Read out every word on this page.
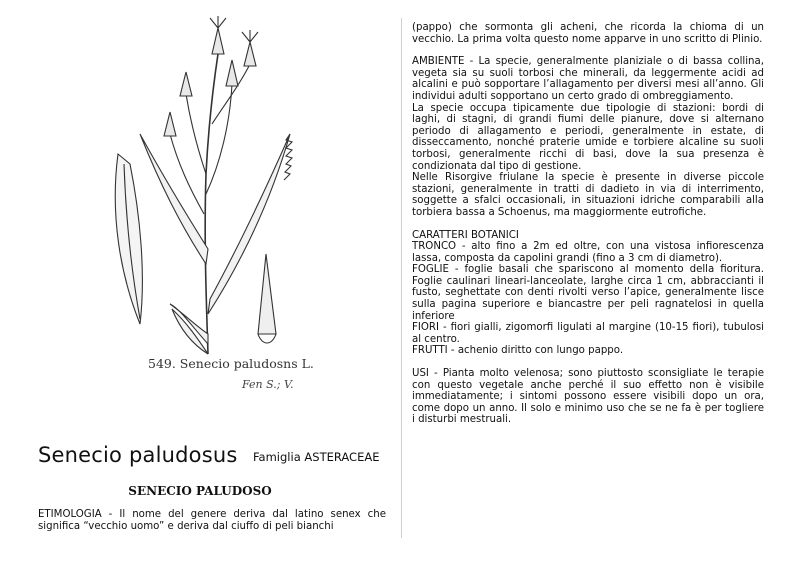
549. Senecio paludosns L.
Fen S.; V.
Senecio paludosus Famiglia ASTERACEAE
SENECIO PALUDOSO
ETIMOLOGIA - Il nome del genere deriva dal latino senex che significa “vecchio uomo” e deriva dal ciuffo di peli bianchi

(pappo) che sormonta gli acheni, che ricorda la chioma di un vecchio. La prima volta questo nome apparve in uno scritto di Plinio.

AMBIENTE - La specie, generalmente planiziale o di bassa collina, vegeta sia su suoli torbosi che minerali, da leggermente acidi ad alcalini e può sopportare l’allagamento per diversi mesi all’anno. Gli individui adulti sopportano un certo grado di ombreggiamento.

La specie occupa tipicamente due tipologie di stazioni: bordi di laghi, di stagni, di grandi fiumi delle pianure, dove si alternano periodo di allagamento e periodi, generalmente in estate, di disseccamento, nonché praterie umide e torbiere alcaline su suoli torbosi, generalmente ricchi di basi, dove la sua presenza è condizionata dal tipo di gestione.

Nelle Risorgive friulane la specie è presente in diverse piccole stazioni, generalmente in tratti di dadieto in via di interrimento, soggette a sfalci occasionali, in situazioni idriche comparabili alla torbiera bassa a Schoenus, ma maggiormente eutrofiche.

CARATTERI BOTANICI

TRONCO - alto fino a 2m ed oltre, con una vistosa infiorescenza lassa, composta da capolini grandi (fino a 3 cm di diametro).

FOGLIE - foglie basali che spariscono al momento della fioritura. Foglie caulinari lineari-lanceolate, larghe circa 1 cm, abbraccianti il fusto, seghettate con denti rivolti verso l’apice, generalmente lisce sulla pagina superiore e biancastre per peli ragnatelosi in quella inferiore

FIORI - fiori gialli, zigomorfi ligulati al margine (10-15 fiori), tubulosi al centro.

FRUTTI - achenio diritto con lungo pappo.

USI - Pianta molto velenosa; sono piuttosto sconsigliate le terapie con questo vegetale anche perché il suo effetto non è visibile immediatamente; i sintomi possono essere visibili dopo un ora, come dopo un anno. Il solo e minimo uso che se ne fa è per togliere i disturbi mestruali.
